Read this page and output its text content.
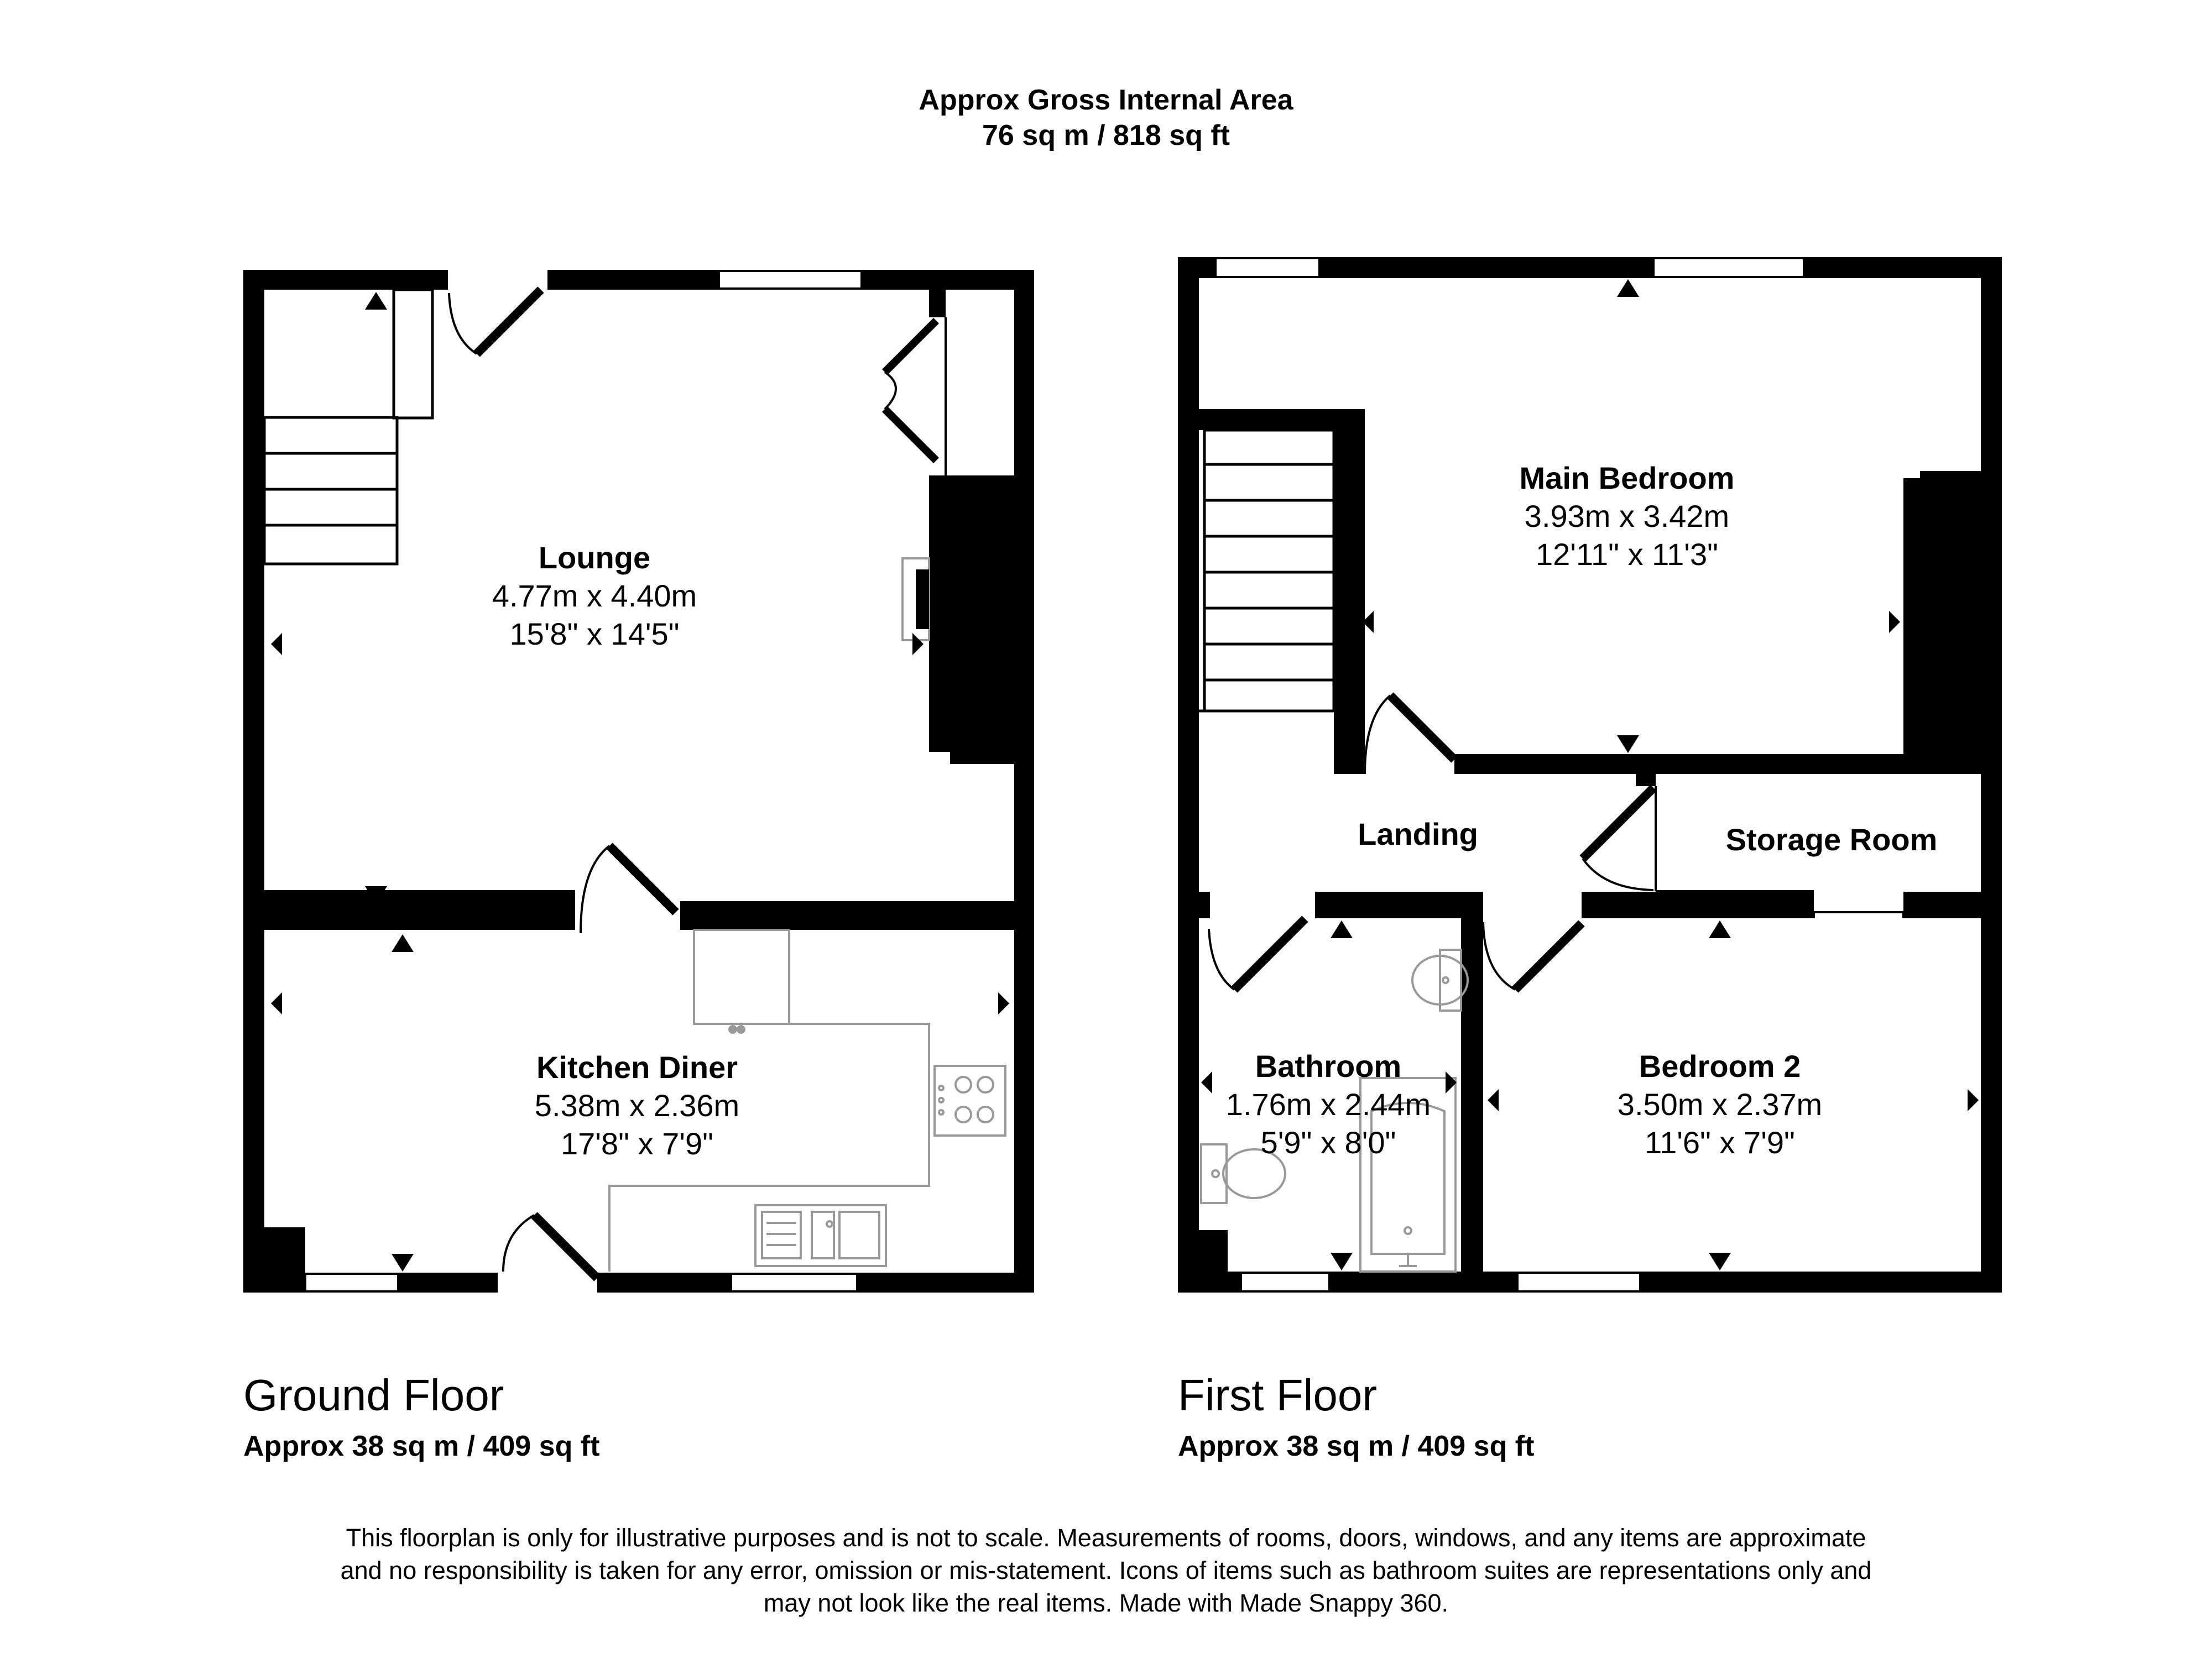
Approx Gross Internal Area
76 sq m / 818 sq ft
Lounge
4.77m x 4.40m
15'8" x 14'5"
Kitchen Diner
5.38m x 2.36m
17'8" x 7'9"
Main Bedroom
3.93m x 3.42m
12'11" x 11'3"
Landing	Storage Room
Bathroom
1.76m x 2.44m
5'9" x 8'0"
Bedroom 2
3.50m x 2.37m
11'6" x 7'9"
Ground Floor
Approx 38 sq m / 409 sq ft
First Floor
Approx 38 sq m / 409 sq ft
This floorplan is only for illustrative purposes and is not to scale. Measurements of rooms, doors, windows, and any items are approximate
and no responsibility is taken for any error, omission or mis-statement. Icons of items such as bathroom suites are representations only and
may not look like the real items. Made with Made Snappy 360.
